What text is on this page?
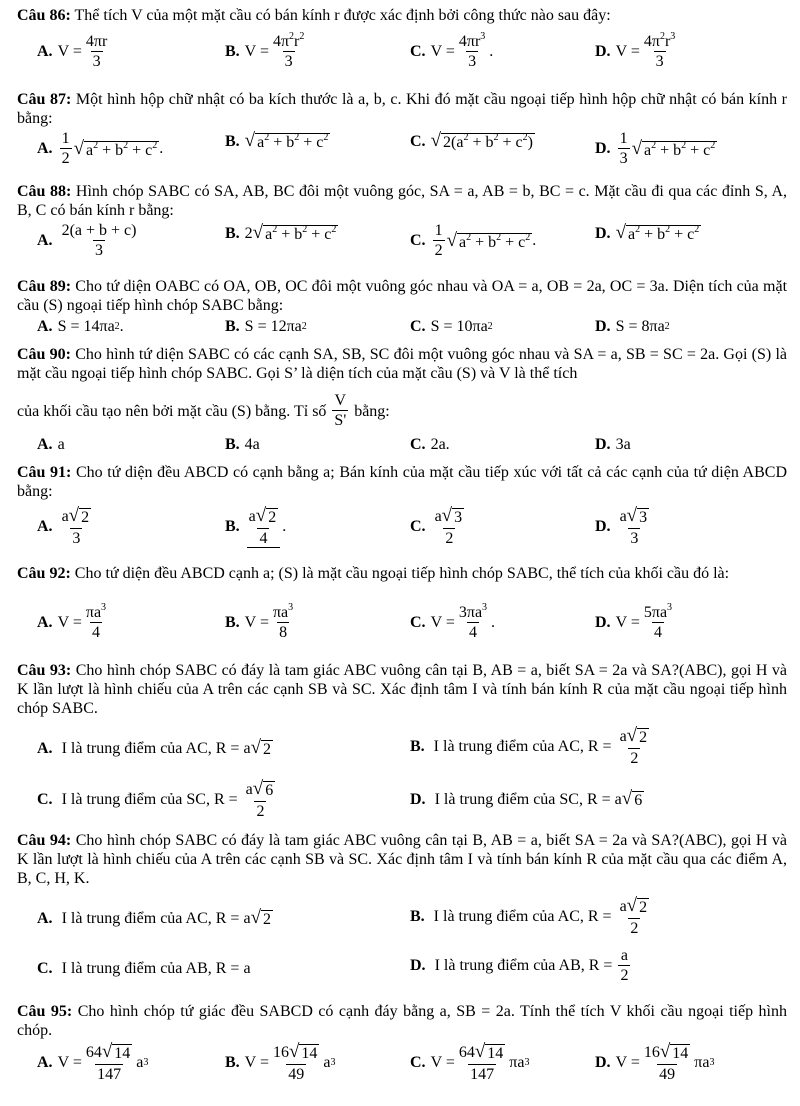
Câu 86: Thể tích V của một mặt cầu có bán kính r được xác định bởi công thức nào sau đây:
A. $V = \frac{4\pi r}{3}$	B. $V = \frac{4\pi^2r^2}{3}$	C. $V = \frac{4\pi r^3}{3}$ .	D. $V = \frac{4\pi^2r^3}{3}$
Câu 87: Một hình hộp chữ nhật có ba kích thước là a, b, c. Khi đó mặt cầu ngoại tiếp hình hộp chữ nhật có bán kính r bằng:
A. $\frac{1}{2}$ √ $a^2 + b^2 + c^2$ .	B. √ $a^2 + b^2 + c^2$	C. √ $2(a^2 + b^2 + c^2)$	D. $\frac{1}{3}$ √ $a^2 + b^2 + c^2$
Câu 88: Hình chóp SABC có SA, AB, BC đôi một vuông góc, SA = a, AB = b, BC = c. Mặt cầu đi qua các đỉnh S, A, B, C có bán kính r bằng:
A. $\frac{2(a + b + c)}{3}$	B. 2 √ $a^2 + b^2 + c^2$
C. $\frac{1}{2}$ √ $a^2 + b^2 + c^2$ .	D. √ $a^2 + b^2 + c^2$
Câu 89: Cho tứ diện OABC có OA, OB, OC đôi một vuông góc nhau và OA = a, OB = 2a, OC = 3a. Diện tích của mặt cầu (S) ngoại tiếp hình chóp SABC bằng:
A. S = 14πa 2 .	B. S = 12πa 2	C. S = 10πa 2	D. S = 8πa 2
Câu 90: Cho hình tứ diện SABC có các cạnh SA, SB, SC đôi một vuông góc nhau và SA = a, SB = SC = 2a. Gọi (S) là mặt cầu ngoại tiếp hình chóp SABC. Gọi S’ là diện tích của mặt cầu (S) và V là thể tích
của khối cầu tạo nên bởi mặt cầu (S) bằng. Tỉ số $\frac{V}{S'}$ bằng:
A. a	B. 4a	C. 2a.	D. 3a
Câu 91: Cho tứ diện đều ABCD có cạnh bằng a; Bán kính của mặt cầu tiếp xúc với tất cả các cạnh của tứ diện ABCD bằng:
A. $\frac{a √ 2}{3}$	B. $\frac{a √ 2}{4}$ .	C. $\frac{a √ 3}{2}$	D. $\frac{a √ 3}{3}$
Câu 92: Cho tứ diện đều ABCD cạnh a; (S) là mặt cầu ngoại tiếp hình chóp SABC, thể tích của khối cầu đó là:
A. $V = \frac{\pi a^3}{4}$	B. $V = \frac{\pi a^3}{8}$	C. $V = \frac{3\pi a^3}{4}$ .	D. $V = \frac{5\pi a^3}{4}$
Câu 93: Cho hình chóp SABC có đáy là tam giác ABC vuông cân tại B, AB = a, biết SA = 2a và SA?(ABC), gọi H và K lần lượt là hình chiếu của A trên các cạnh SB và SC. Xác định tâm I và tính bán kính R của mặt cầu ngoại tiếp hình chóp SABC.
A. I là trung điểm của AC, R = a √ 2	B. I là trung điểm của AC, $R = \frac{a √ 2}{2}$
C. I là trung điểm của SC, $R = \frac{a √ 6}{2}$	D. I là trung điểm của SC, R = a √ 6
Câu 94: Cho hình chóp SABC có đáy là tam giác ABC vuông cân tại B, AB = a, biết SA = 2a và SA?(ABC), gọi H và K lần lượt là hình chiếu của A trên các cạnh SB và SC. Xác định tâm I và tính bán kính R của mặt cầu qua các điểm A, B, C, H, K.
A. I là trung điểm của AC, R = a √ 2	B. I là trung điểm của AC, $R = \frac{a √ 2}{2}$
C. I là trung điểm của AB, R = a	D. I là trung điểm của AB, $R = \frac{a}{2}$
Câu 95: Cho hình chóp tứ giác đều SABCD có cạnh đáy bằng a, SB = 2a. Tính thể tích V khối cầu ngoại tiếp hình chóp.
A. $V = \frac{64 √ 14}{147}$ a 3	B. $V = \frac{16 √ 14}{49}$ a 3	C. $V = \frac{64 √ 14}{147}$ πa 3	D. $V = \frac{16 √ 14}{49}$ πa 3
